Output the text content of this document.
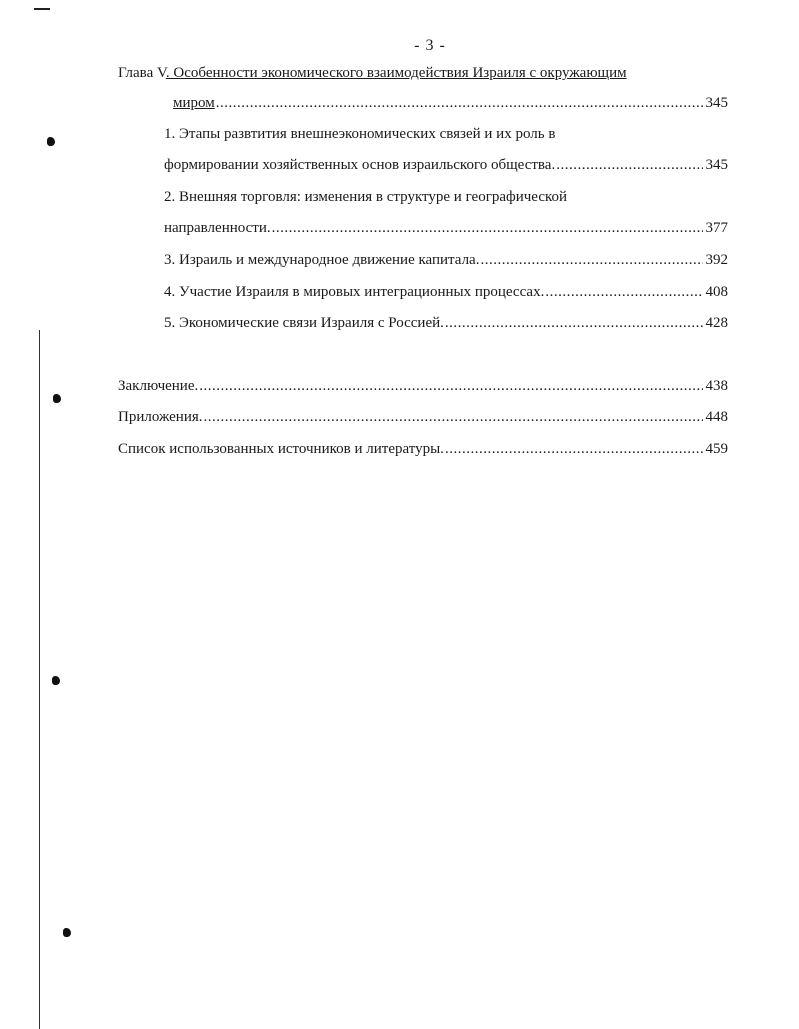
- 3 -
Глава V. Особенности экономического взаимодействия Израиля с окружающим
миром .....	345
1. Этапы развтития внешнеэкономических связей и их роль в
формировании хозяйственных основ израильского общества. .....	345
2. Внешняя торговля: изменения в структуре и географической
направленности. .....	377
3. Израиль и международное движение капитала. .....	392
4. Участие Израиля в мировых интеграционных процессах. .....	408
5. Экономические связи Израиля с Россией. .....	428
Заключение. .....	438
Приложения. .....	448
Список использованных источников и литературы. .....	459
